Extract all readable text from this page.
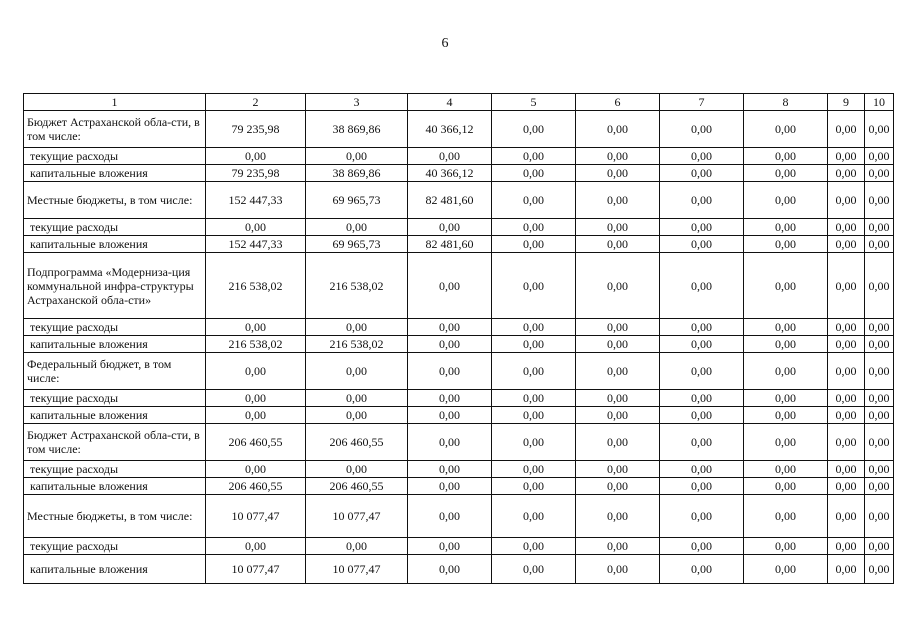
6
1	2	3	4	5	6	7	8	9	10
Бюджет Астраханской обла-сти, в том числе:	79 235,98	38 869,86	40 366,12	0,00	0,00	0,00	0,00	0,00	0,00
текущие расходы	0,00	0,00	0,00	0,00	0,00	0,00	0,00	0,00	0,00
капитальные вложения	79 235,98	38 869,86	40 366,12	0,00	0,00	0,00	0,00	0,00	0,00
Местные бюджеты, в том числе:	152 447,33	69 965,73	82 481,60	0,00	0,00	0,00	0,00	0,00	0,00
текущие расходы	0,00	0,00	0,00	0,00	0,00	0,00	0,00	0,00	0,00
капитальные вложения	152 447,33	69 965,73	82 481,60	0,00	0,00	0,00	0,00	0,00	0,00
Подпрограмма «Модерниза-ция коммунальной инфра-структуры Астраханской обла-сти»	216 538,02	216 538,02	0,00	0,00	0,00	0,00	0,00	0,00	0,00
текущие расходы	0,00	0,00	0,00	0,00	0,00	0,00	0,00	0,00	0,00
капитальные вложения	216 538,02	216 538,02	0,00	0,00	0,00	0,00	0,00	0,00	0,00
Федеральный бюджет, в том числе:	0,00	0,00	0,00	0,00	0,00	0,00	0,00	0,00	0,00
текущие расходы	0,00	0,00	0,00	0,00	0,00	0,00	0,00	0,00	0,00
капитальные вложения	0,00	0,00	0,00	0,00	0,00	0,00	0,00	0,00	0,00
Бюджет Астраханской обла-сти, в том числе:	206 460,55	206 460,55	0,00	0,00	0,00	0,00	0,00	0,00	0,00
текущие расходы	0,00	0,00	0,00	0,00	0,00	0,00	0,00	0,00	0,00
капитальные вложения	206 460,55	206 460,55	0,00	0,00	0,00	0,00	0,00	0,00	0,00
Местные бюджеты, в том числе:	10 077,47	10 077,47	0,00	0,00	0,00	0,00	0,00	0,00	0,00
текущие расходы	0,00	0,00	0,00	0,00	0,00	0,00	0,00	0,00	0,00
капитальные вложения	10 077,47	10 077,47	0,00	0,00	0,00	0,00	0,00	0,00	0,00
